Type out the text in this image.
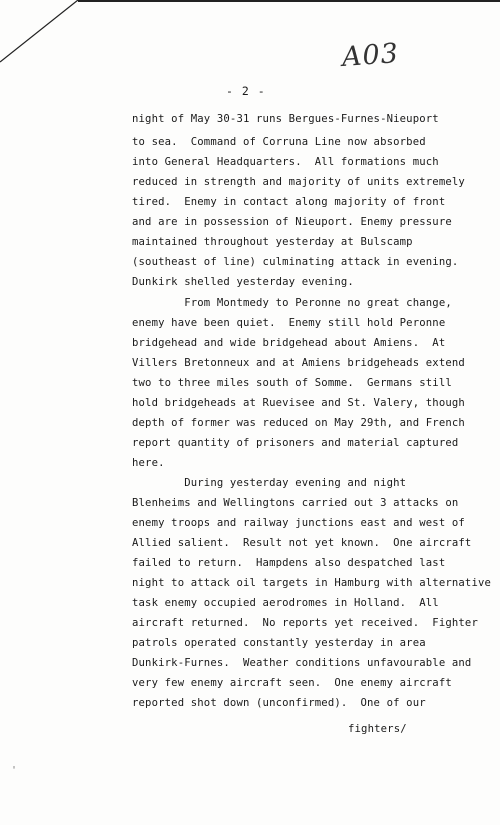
A03
- 2 -
night of May 30-31 runs Bergues-Furnes-Nieuport
to sea.  Command of Corruna Line now absorbed
into General Headquarters.  All formations much
reduced in strength and majority of units extremely
tired.  Enemy in contact along majority of front
and are in possession of Nieuport. Enemy pressure
maintained throughout yesterday at Bulscamp
(southeast of line) culminating attack in evening.
Dunkirk shelled yesterday evening.
From Montmedy to Peronne no great change,
enemy have been quiet.  Enemy still hold Peronne
bridgehead and wide bridgehead about Amiens.  At
Villers Bretonneux and at Amiens bridgeheads extend
two to three miles south of Somme.  Germans still
hold bridgeheads at Ruevisee and St. Valery, though
depth of former was reduced on May 29th, and French
report quantity of prisoners and material captured
here.
During yesterday evening and night
Blenheims and Wellingtons carried out 3 attacks on
enemy troops and railway junctions east and west of
Allied salient.  Result not yet known.  One aircraft
failed to return.  Hampdens also despatched last
night to attack oil targets in Hamburg with alternative
task enemy occupied aerodromes in Holland.  All
aircraft returned.  No reports yet received.  Fighter
patrols operated constantly yesterday in area
Dunkirk-Furnes.  Weather conditions unfavourable and
very few enemy aircraft seen.  One enemy aircraft
reported shot down (unconfirmed).  One of our
fighters/
'
